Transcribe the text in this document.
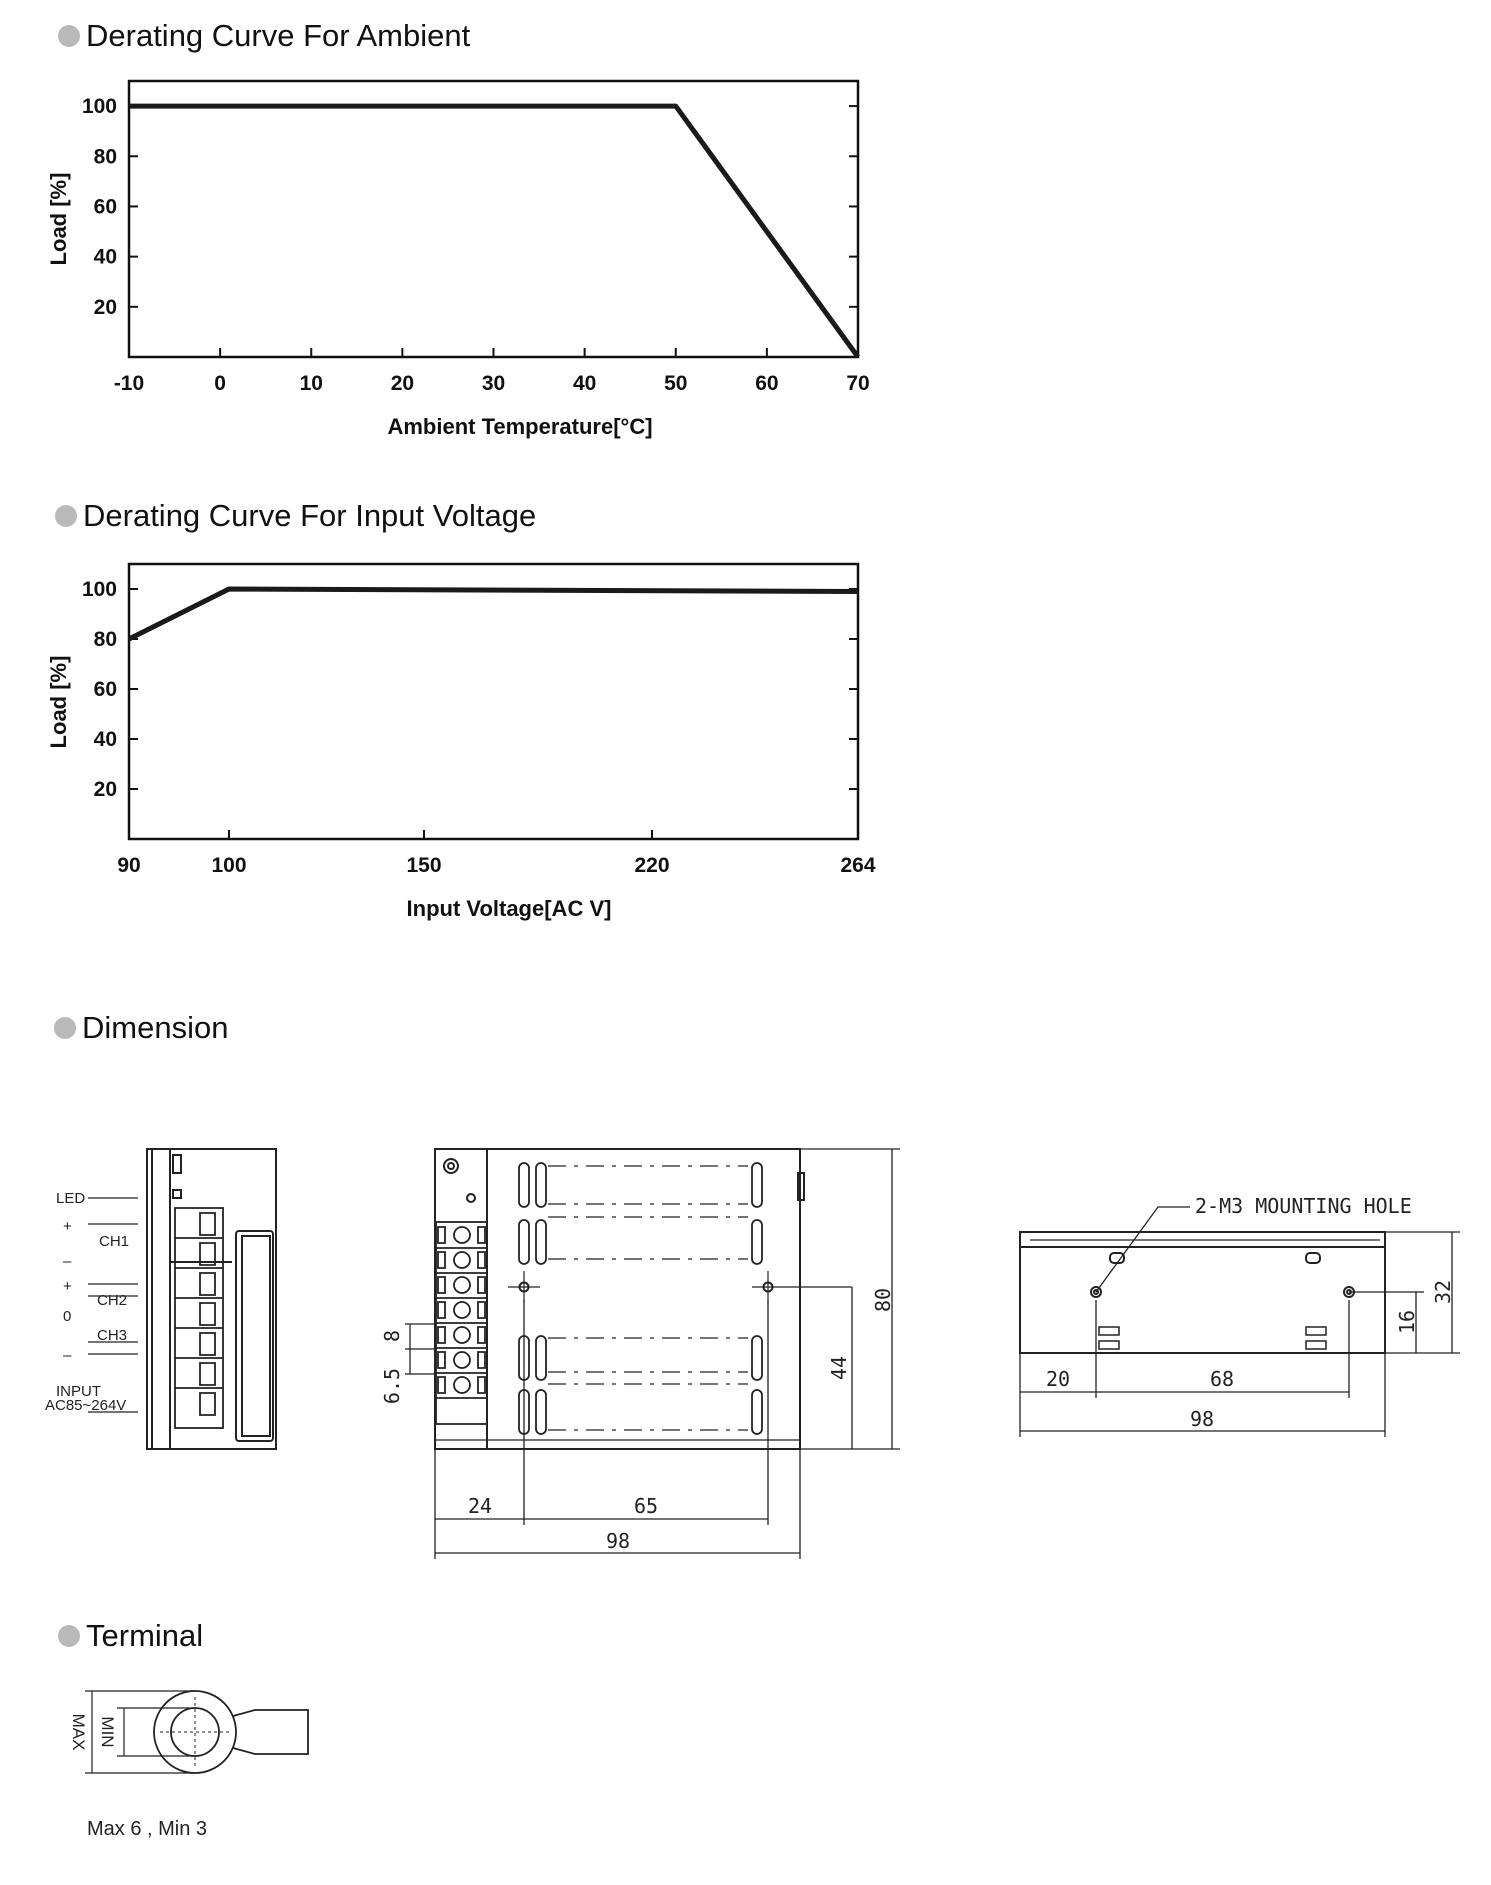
Derating Curve For Ambient
Derating Curve For Input Voltage
Dimension
Terminal
20
40
60
80
100
-10	0	10	20	30	40	50	60	70
Load [%]
Ambient Temperature[°C]
20
40
60
80
100
90	100	150	220	264
Load [%]
Input Voltage[AC V]
LED
+
CH1
–
+
CH2
0
CH3
–
INPUT
AC85~264V
8
6.5	44
80
24	65
98
2-M3 MOUNTING HOLE
32
16
20	68
98
MAX MIN
Max 6 , Min 3
